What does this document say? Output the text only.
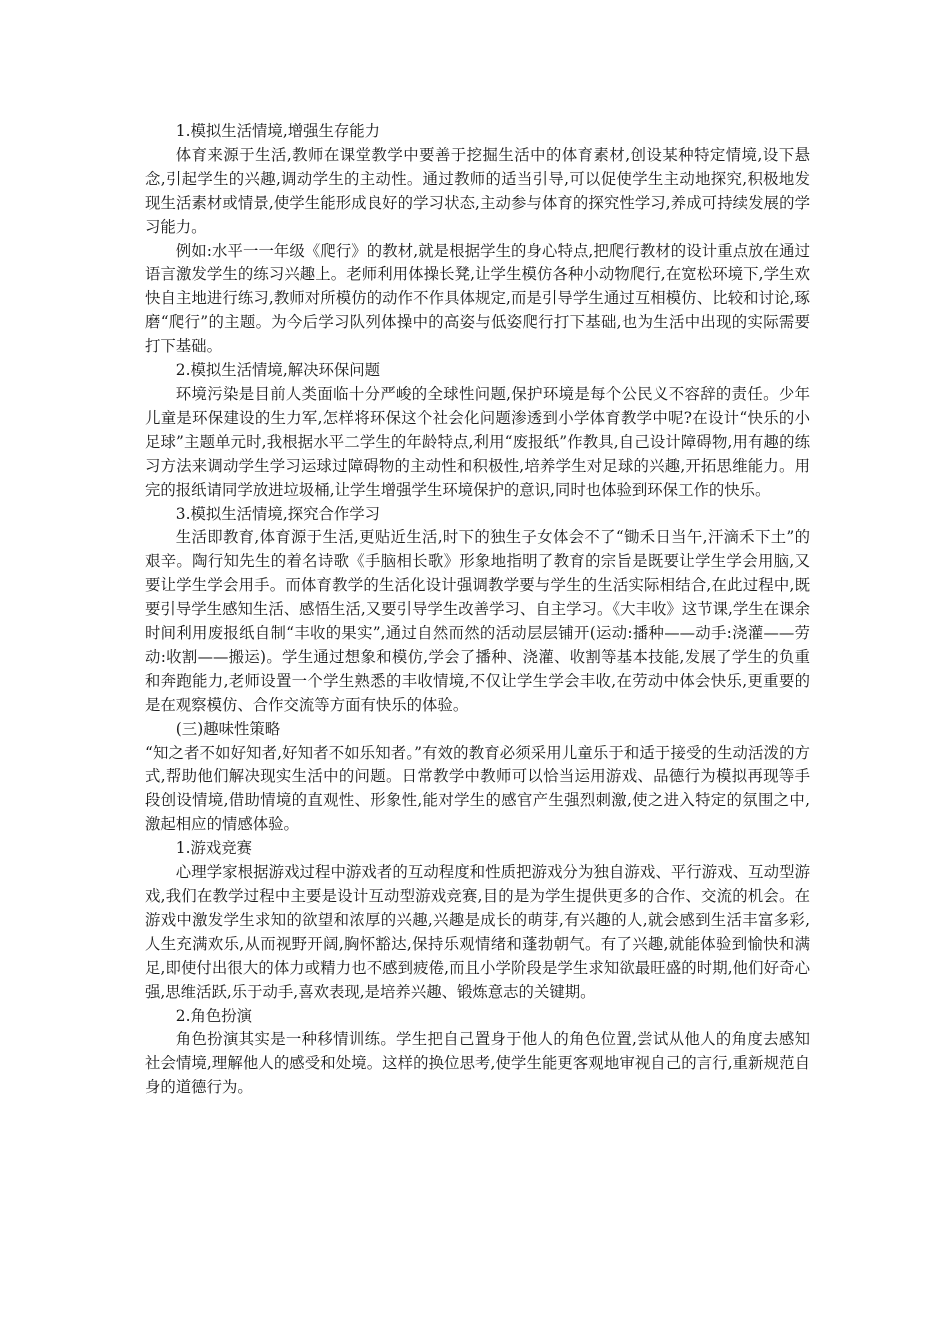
1.模拟生活情境,增强生存能力

体育来源于生活,教师在课堂教学中要善于挖掘生活中的体育素材,创设某种特定情境,设下悬念,引起学生的兴趣,调动学生的主动性。通过教师的适当引导,可以促使学生主动地探究,积极地发现生活素材或情景,使学生能形成良好的学习状态,主动参与体育的探究性学习,养成可持续发展的学习能力。

例如:水平一一年级《爬行》的教材,就是根据学生的身心特点,把爬行教材的设计重点放在通过语言激发学生的练习兴趣上。老师利用体操长凳,让学生模仿各种小动物爬行,在宽松环境下,学生欢快自主地进行练习,教师对所模仿的动作不作具体规定,而是引导学生通过互相模仿、比较和讨论,琢磨“爬行”的主题。为今后学习队列体操中的高姿与低姿爬行打下基础,也为生活中出现的实际需要打下基础。

2.模拟生活情境,解决环保问题

环境污染是目前人类面临十分严峻的全球性问题,保护环境是每个公民义不容辞的责任。少年儿童是环保建设的生力军,怎样将环保这个社会化问题渗透到小学体育教学中呢?在设计“快乐的小足球”主题单元时,我根据水平二学生的年龄特点,利用“废报纸”作教具,自己设计障碍物,用有趣的练习方法来调动学生学习运球过障碍物的主动性和积极性,培养学生对足球的兴趣,开拓思维能力。用完的报纸请同学放进垃圾桶,让学生增强学生环境保护的意识,同时也体验到环保工作的快乐。

3.模拟生活情境,探究合作学习

生活即教育,体育源于生活,更贴近生活,时下的独生子女体会不了“锄禾日当午,汗滴禾下土”的艰辛。陶行知先生的着名诗歌《手脑相长歌》形象地指明了教育的宗旨是既要让学生学会用脑,又要让学生学会用手。而体育教学的生活化设计强调教学要与学生的生活实际相结合,在此过程中,既要引导学生感知生活、感悟生活,又要引导学生改善学习、自主学习。《大丰收》这节课,学生在课余时间利用废报纸自制“丰收的果实”,通过自然而然的活动层层铺开(运动:播种——动手:浇灌——劳动:收割——搬运)。学生通过想象和模仿,学会了播种、浇灌、收割等基本技能,发展了学生的负重和奔跑能力,老师设置一个学生熟悉的丰收情境,不仅让学生学会丰收,在劳动中体会快乐,更重要的是在观察模仿、合作交流等方面有快乐的体验。

(三)趣味性策略

“知之者不如好知者,好知者不如乐知者。”有效的教育必须采用儿童乐于和适于接受的生动活泼的方式,帮助他们解决现实生活中的问题。日常教学中教师可以恰当运用游戏、品德行为模拟再现等手段创设情境,借助情境的直观性、形象性,能对学生的感官产生强烈刺激,使之进入特定的氛围之中,激起相应的情感体验。

1.游戏竞赛

心理学家根据游戏过程中游戏者的互动程度和性质把游戏分为独自游戏、平行游戏、互动型游戏,我们在教学过程中主要是设计互动型游戏竞赛,目的是为学生提供更多的合作、交流的机会。在游戏中激发学生求知的欲望和浓厚的兴趣,兴趣是成长的萌芽,有兴趣的人,就会感到生活丰富多彩,人生充满欢乐,从而视野开阔,胸怀豁达,保持乐观情绪和蓬勃朝气。有了兴趣,就能体验到愉快和满足,即使付出很大的体力或精力也不感到疲倦,而且小学阶段是学生求知欲最旺盛的时期,他们好奇心强,思维活跃,乐于动手,喜欢表现,是培养兴趣、锻炼意志的关键期。

2.角色扮演

角色扮演其实是一种移情训练。学生把自己置身于他人的角色位置,尝试从他人的角度去感知社会情境,理解他人的感受和处境。这样的换位思考,使学生能更客观地审视自己的言行,重新规范自身的道德行为。
